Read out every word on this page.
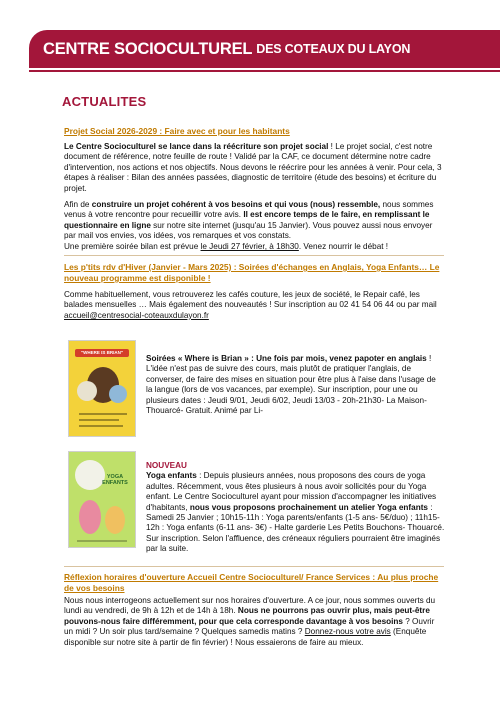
CENTRE SOCIOCULTUREL DES COTEAUX DU LAYON
ACTUALITES
Projet Social 2026-2029 : Faire avec et pour les habitants
Le Centre Socioculturel se lance dans la réécriture son projet social ! Le projet social, c'est notre document de référence, notre feuille de route ! Validé par la CAF, ce document détermine notre cadre d'intervention, nos actions et nos objectifs. Nous devons le réécrire pour les années à venir. Pour cela, 3 étapes à réaliser : Bilan des années passées, diagnostic de territoire (étude des besoins) et écriture du projet.
Afin de construire un projet cohérent à vos besoins et qui vous (nous) ressemble, nous sommes venus à votre rencontre pour recueillir votre avis. Il est encore temps de le faire, en remplissant le questionnaire en ligne sur notre site internet (jusqu'au 15 Janvier). Vous pouvez aussi nous envoyer par mail vos envies, vos idées, vos remarques et vos constats.
Une première soirée bilan est prévue le Jeudi 27 février, à 18h30. Venez nourrir le débat !
Les p'tits rdv d'Hiver (Janvier - Mars 2025) : Soirées d'échanges en Anglais, Yoga Enfants… Le nouveau programme est disponible !
Comme habituellement, vous retrouverez les cafés couture, les jeux de société, le Repair café, les balades mensuelles … Mais également des nouveautés ! Sur inscription au 02 41 54 06 44 ou par mail accueil@centresocial-coteauxdulayon.fr
"WHERE IS BRIAN"
Soirées « Where is Brian » : Une fois par mois, venez papoter en anglais ! L'idée n'est pas de suivre des cours, mais plutôt de pratiquer l'anglais, de converser, de faire des mises en situation pour être plus à l'aise dans l'usage de la langue (lors de vos vacances, par exemple). Sur inscription, pour une ou plusieurs dates : Jeudi 9/01, Jeudi 6/02, Jeudi 13/03 - 20h-21h30- La Maison- Thouarcé- Gratuit. Animé par Li-
YOGA ENFANTS
NOUVEAU
Yoga enfants : Depuis plusieurs années, nous proposons des cours de yoga adultes. Récemment, vous êtes plusieurs à nous avoir sollicités pour du Yoga enfant. Le Centre Socioculturel ayant pour mission d'accompagner les initiatives d'habitants, nous vous proposons prochainement un atelier Yoga enfants : Samedi 25 Janvier ; 10h15-11h : Yoga parents/enfants (1-5 ans- 5€/duo) ; 11h15-12h : Yoga enfants (6-11 ans- 3€) - Halte garderie Les Petits Bouchons- Thouarcé. Sur inscription. Selon l'affluence, des créneaux réguliers pourraient être imaginés par la suite.
Réflexion horaires d'ouverture Accueil Centre Socioculturel/ France Services : Au plus proche de vos besoins
Nous nous interrogeons actuellement sur nos horaires d'ouverture. A ce jour, nous sommes ouverts du lundi au vendredi, de 9h à 12h et de 14h à 18h. Nous ne pourrons pas ouvrir plus, mais peut-être pouvons-nous faire différemment, pour que cela corresponde davantage à vos besoins ? Ouvrir un midi ? Un soir plus tard/semaine ? Quelques samedis matins ? Donnez-nous votre avis (Enquête disponible sur notre site à partir de fin février) ! Nous essaierons de faire au mieux.
